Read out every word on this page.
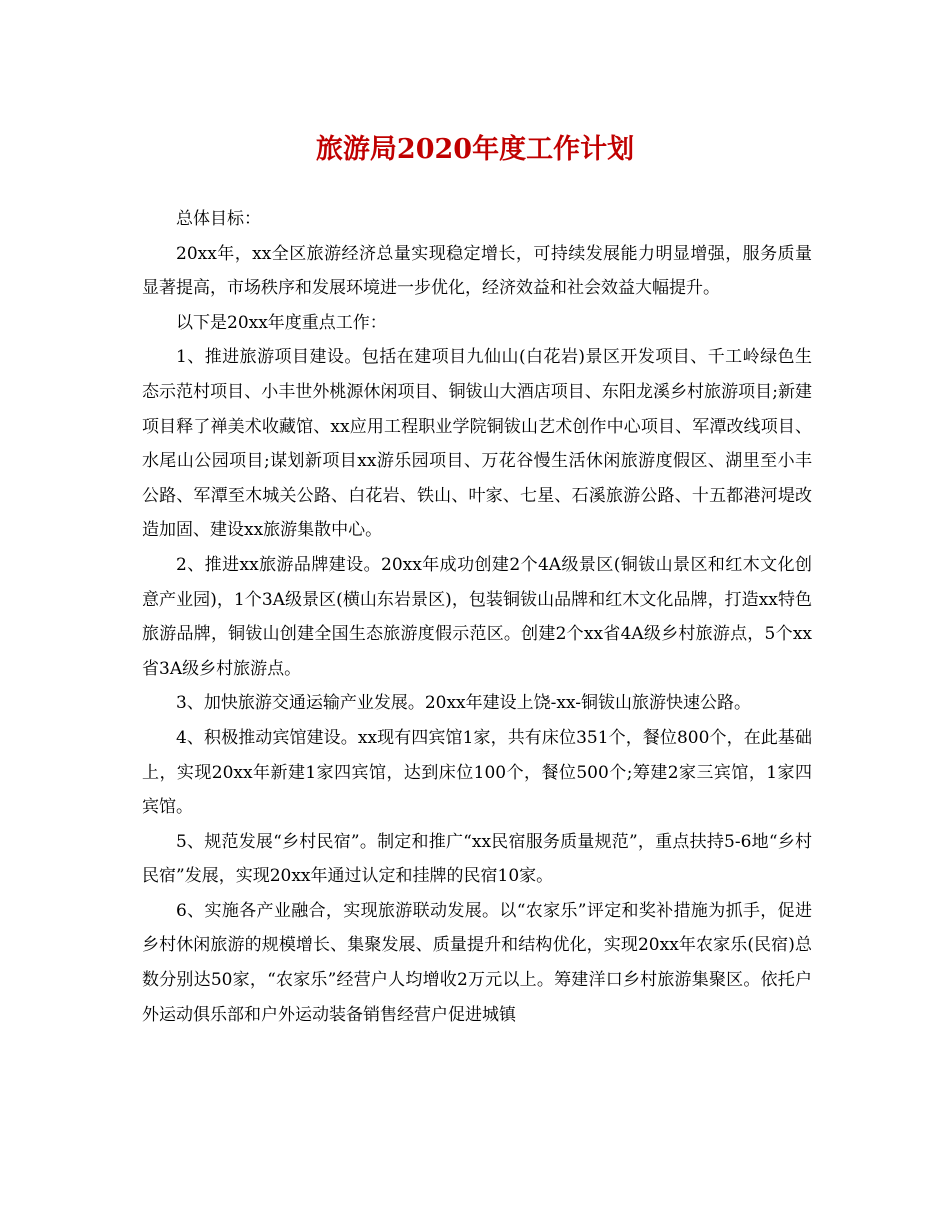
旅游局2020年度工作计划

总体目标：

20xx年，xx全区旅游经济总量实现稳定增长，可持续发展能力明显增强，服务质量显著提高，市场秩序和发展环境进一步优化，经济效益和社会效益大幅提升。

以下是20xx年度重点工作：

1、推进旅游项目建设。包括在建项目九仙山(白花岩)景区开发项目、千工岭绿色生态示范村项目、小丰世外桃源休闲项目、铜钹山大酒店项目、东阳龙溪乡村旅游项目;新建项目释了禅美术收藏馆、xx应用工程职业学院铜钹山艺术创作中心项目、军潭改线项目、水尾山公园项目;谋划新项目xx游乐园项目、万花谷慢生活休闲旅游度假区、湖里至小丰公路、军潭至木城关公路、白花岩、铁山、叶家、七星、石溪旅游公路、十五都港河堤改造加固、建设xx旅游集散中心。

2、推进xx旅游品牌建设。20xx年成功创建2个4A级景区(铜钹山景区和红木文化创意产业园)，1个3A级景区(横山东岩景区)，包装铜钹山品牌和红木文化品牌，打造xx特色旅游品牌，铜钹山创建全国生态旅游度假示范区。创建2个xx省4A级乡村旅游点，5个xx省3A级乡村旅游点。

3、加快旅游交通运输产业发展。20xx年建设上饶-xx-铜钹山旅游快速公路。

4、积极推动宾馆建设。xx现有四宾馆1家，共有床位351个，餐位800个，在此基础上，实现20xx年新建1家四宾馆，达到床位100个，餐位500个;筹建2家三宾馆，1家四宾馆。

5、规范发展“乡村民宿”。制定和推广“xx民宿服务质量规范”，重点扶持5-6地“乡村民宿”发展，实现20xx年通过认定和挂牌的民宿10家。

6、实施各产业融合，实现旅游联动发展。以“农家乐”评定和奖补措施为抓手，促进乡村休闲旅游的规模增长、集聚发展、质量提升和结构优化，实现20xx年农家乐(民宿)总数分别达50家，“农家乐”经营户人均增收2万元以上。筹建洋口乡村旅游集聚区。依托户外运动俱乐部和户外运动装备销售经营户促进城镇
